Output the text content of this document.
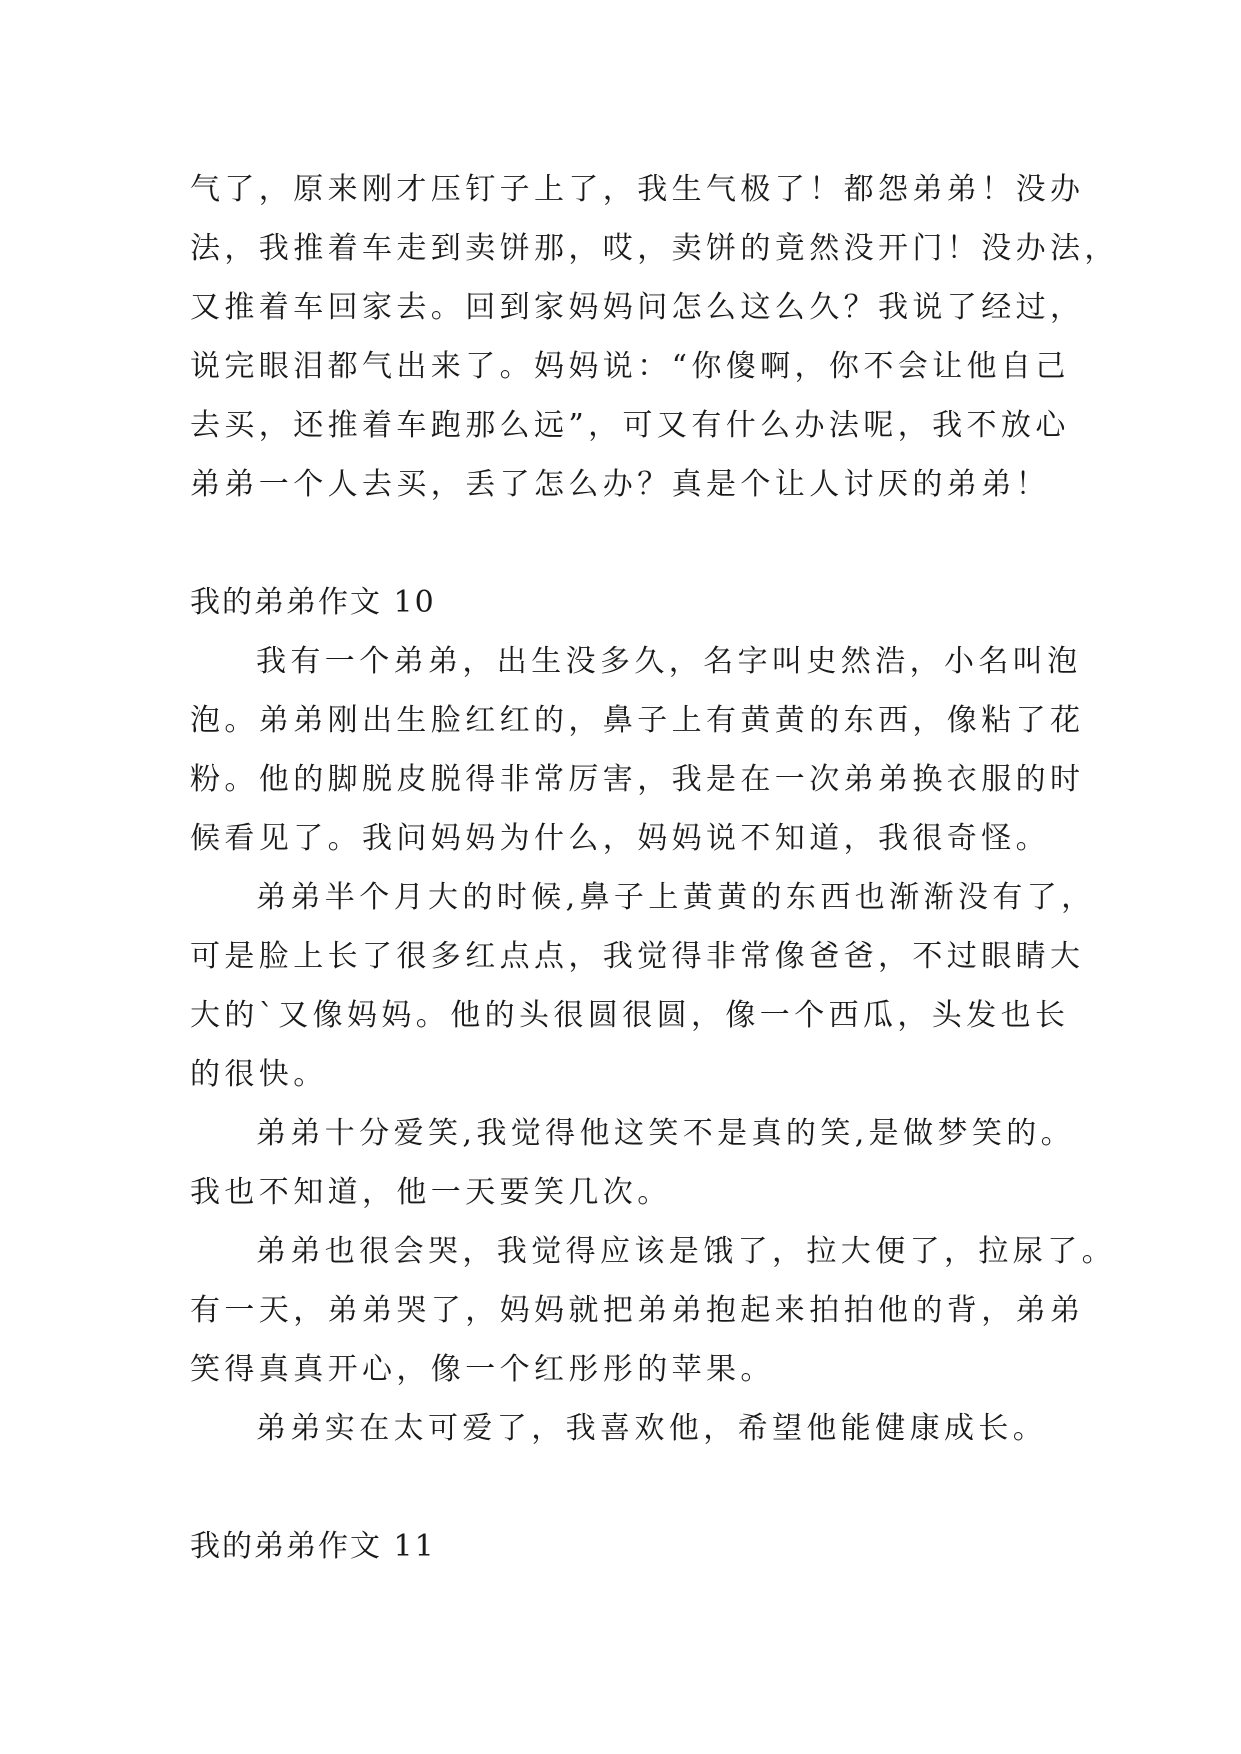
气了，原来刚才压钉子上了，我生气极了！都怨弟弟！没办
法，我推着车走到卖饼那，哎，卖饼的竟然没开门！没办法，
又推着车回家去。回到家妈妈问怎么这么久？我说了经过，
说完眼泪都气出来了。妈妈说：“你傻啊，你不会让他自己
去买，还推着车跑那么远”，可又有什么办法呢，我不放心
弟弟一个人去买，丢了怎么办？真是个让人讨厌的弟弟！
我的弟弟作文 10
我有一个弟弟，出生没多久，名字叫史然浩，小名叫泡
泡。弟弟刚出生脸红红的，鼻子上有黄黄的东西，像粘了花
粉。他的脚脱皮脱得非常厉害，我是在一次弟弟换衣服的时
候看见了。我问妈妈为什么，妈妈说不知道，我很奇怪。
弟弟半个月大的时候,鼻子上黄黄的东西也渐渐没有了，
可是脸上长了很多红点点，我觉得非常像爸爸，不过眼睛大
大的`又像妈妈。他的头很圆很圆，像一个西瓜，头发也长
的很快。
弟弟十分爱笑,我觉得他这笑不是真的笑,是做梦笑的。
我也不知道，他一天要笑几次。
弟弟也很会哭，我觉得应该是饿了，拉大便了，拉尿了。
有一天，弟弟哭了，妈妈就把弟弟抱起来拍拍他的背，弟弟
笑得真真开心，像一个红彤彤的苹果。
弟弟实在太可爱了，我喜欢他，希望他能健康成长。
我的弟弟作文 11
